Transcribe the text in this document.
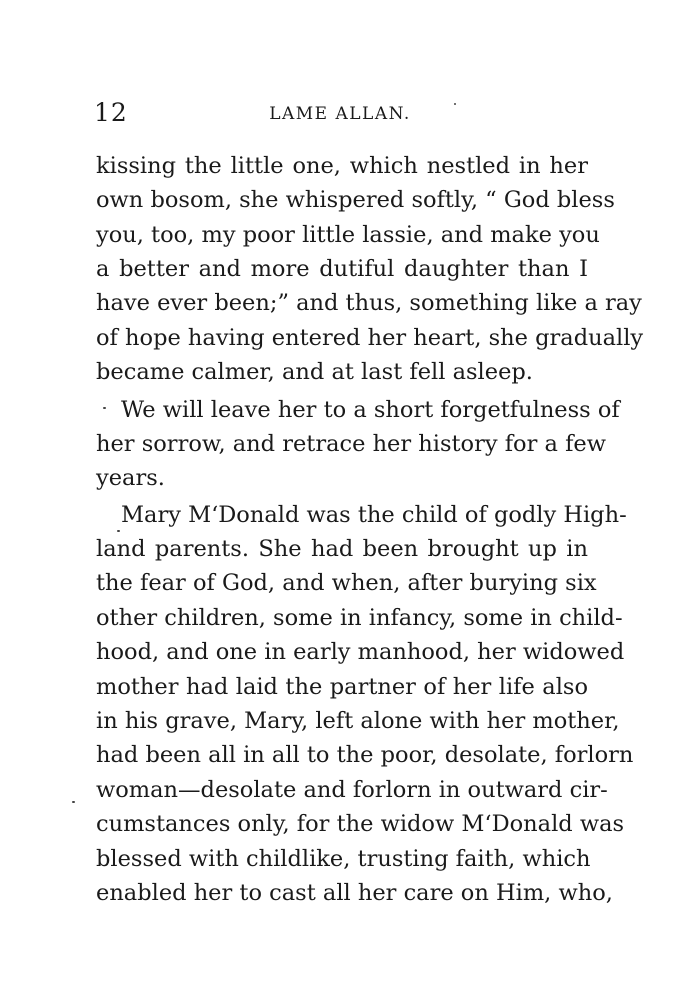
12	LAME ALLAN.
kissing the little one, which nestled in her
own bosom, she whispered softly, “ God bless
you, too, my poor little lassie, and make you
a better and more dutiful daughter than I
have ever been;” and thus, something like a ray
of hope having entered her heart, she gradually
became calmer, and at last fell asleep.
We will leave her to a short forgetfulness of
her sorrow, and retrace her history for a few
years.
Mary M‘Donald was the child of godly High-
land parents. She had been brought up in
the fear of God, and when, after burying six
other children, some in infancy, some in child-
hood, and one in early manhood, her widowed
mother had laid the partner of her life also
in his grave, Mary, left alone with her mother,
had been all in all to the poor, desolate, forlorn
woman—desolate and forlorn in outward cir-
cumstances only, for the widow M‘Donald was
blessed with childlike, trusting faith, which
enabled her to cast all her care on Him, who,
